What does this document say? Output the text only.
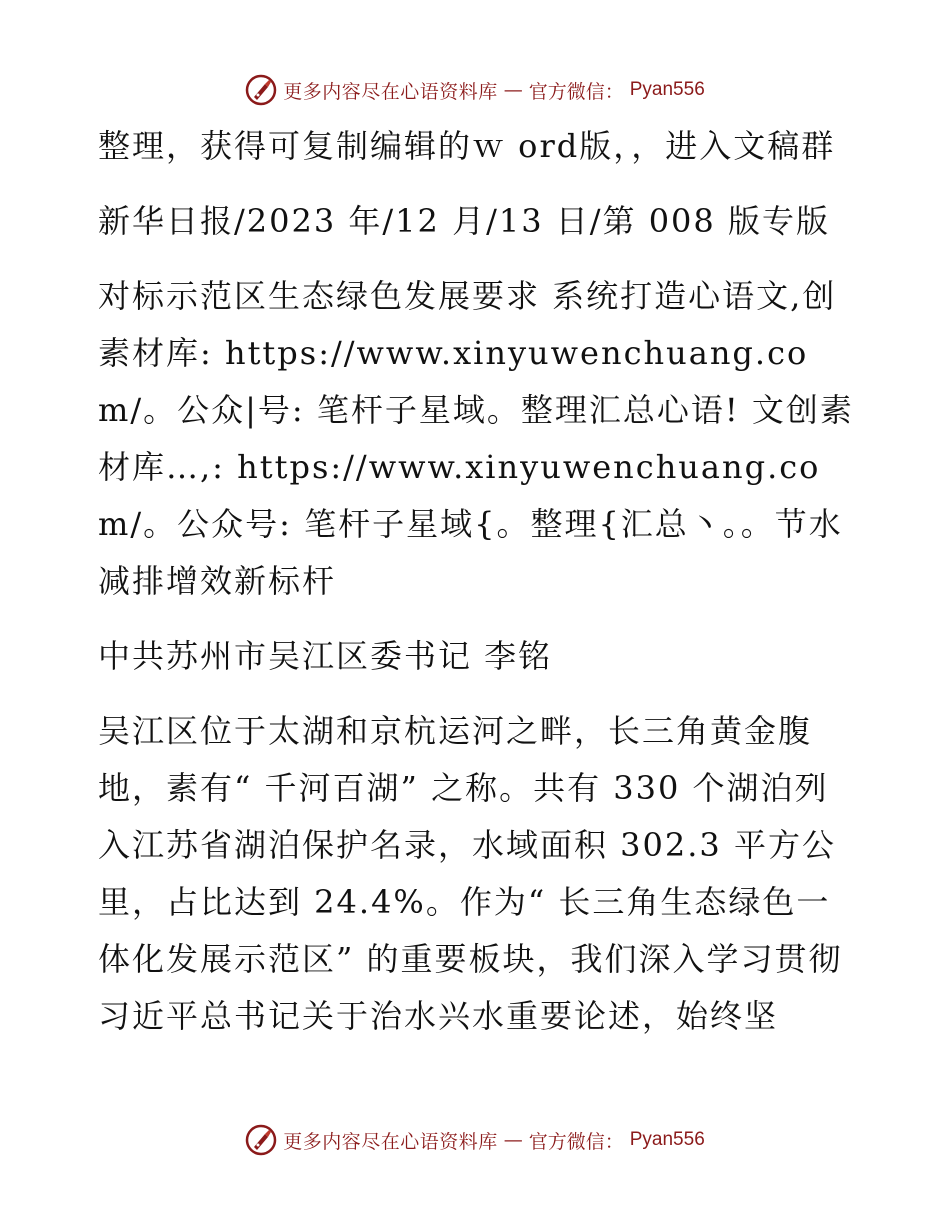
更多内容尽在心语资料库 — 官方微信： Pyan556

整理，获得可复制编辑的ｗ ord版，，进入文稿群

新华日报/2023 年/12 月/13 日/第 008 版专版

对标示范区生态绿色发展要求 系统打造心语文,创素材库: https://www.xinyuwenchuang.com/。公众|号: 笔杆子星域。整理汇总心语! 文创素材库…,: https://www.xinyuwenchuang.com/。公众号: 笔杆子星域{。整理{汇总丶。。节水减排增效新标杆

中共苏州市吴江区委书记 李铭

吴江区位于太湖和京杭运河之畔，长三角黄金腹地，素有“ 千河百湖” 之称。共有 330 个湖泊列入江苏省湖泊保护名录，水域面积 302.3 平方公里，占比达到 24.4%。作为“ 长三角生态绿色一体化发展示范区” 的重要板块，我们深入学习贯彻习近平总书记关于治水兴水重要论述，始终坚

更多内容尽在心语资料库 — 官方微信： Pyan556
